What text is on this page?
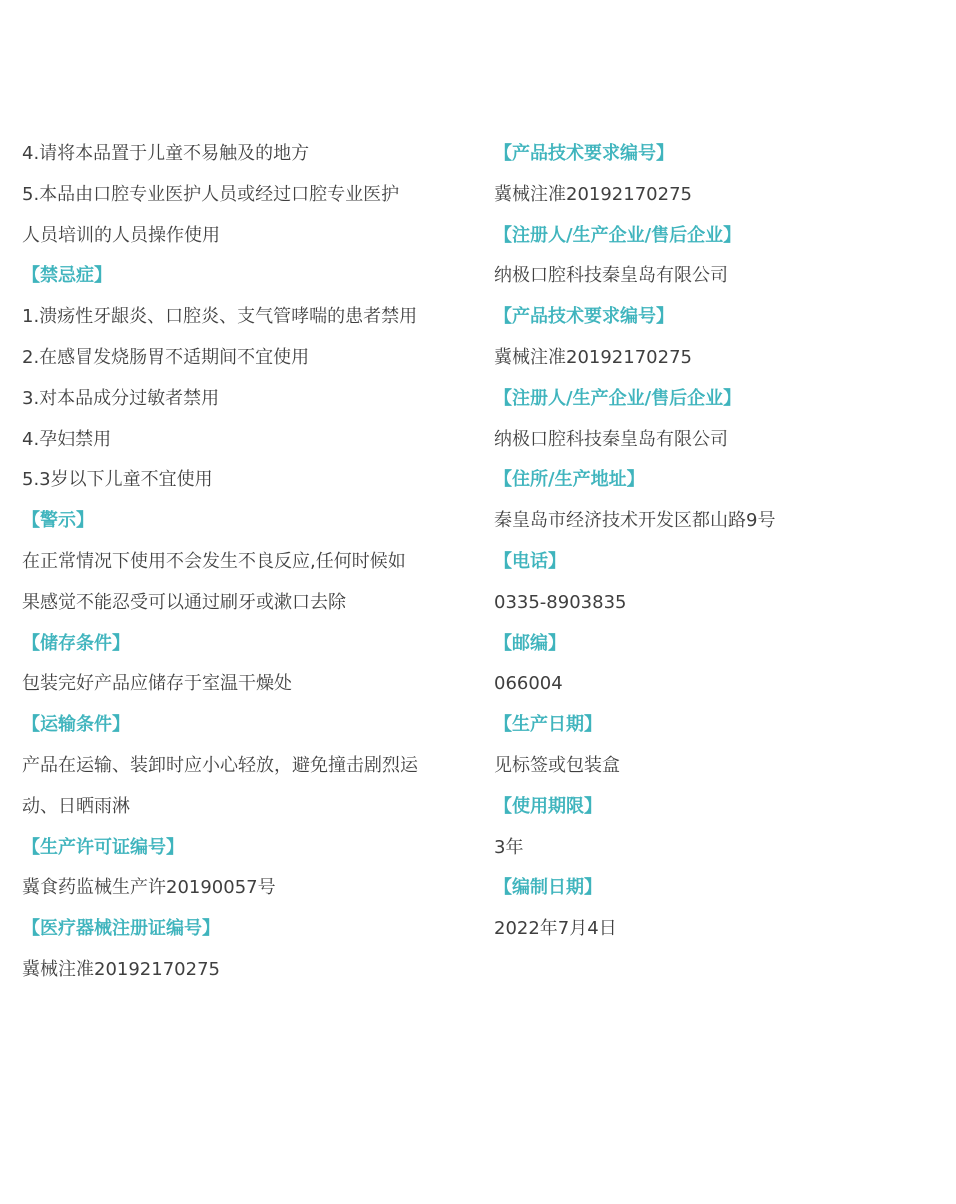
4.请将本品置于儿童不易触及的地方
5.本品由口腔专业医护人员或经过口腔专业医护
人员培训的人员操作使用
【禁忌症】
1.溃疡性牙龈炎、口腔炎、支气管哮喘的患者禁用
2.在感冒发烧肠胃不适期间不宜使用
3.对本品成分过敏者禁用
4.孕妇禁用
5.3岁以下儿童不宜使用
【警示】
在正常情况下使用不会发生不良反应,任何时候如
果感觉不能忍受可以通过刷牙或漱口去除
【储存条件】
包装完好产品应储存于室温干燥处
【运输条件】
产品在运输、装卸时应小心轻放，避免撞击剧烈运
动、日晒雨淋
【生产许可证编号】
冀食药监械生产许20190057号
【医疗器械注册证编号】
冀械注准20192170275
【产品技术要求编号】
冀械注准20192170275
【注册人/生产企业/售后企业】
纳极口腔科技秦皇岛有限公司
【产品技术要求编号】
冀械注准20192170275
【注册人/生产企业/售后企业】
纳极口腔科技秦皇岛有限公司
【住所/生产地址】
秦皇岛市经济技术开发区都山路9号
【电话】
0335-8903835
【邮编】
066004
【生产日期】
见标签或包装盒
【使用期限】
3年
【编制日期】
2022年7月4日
